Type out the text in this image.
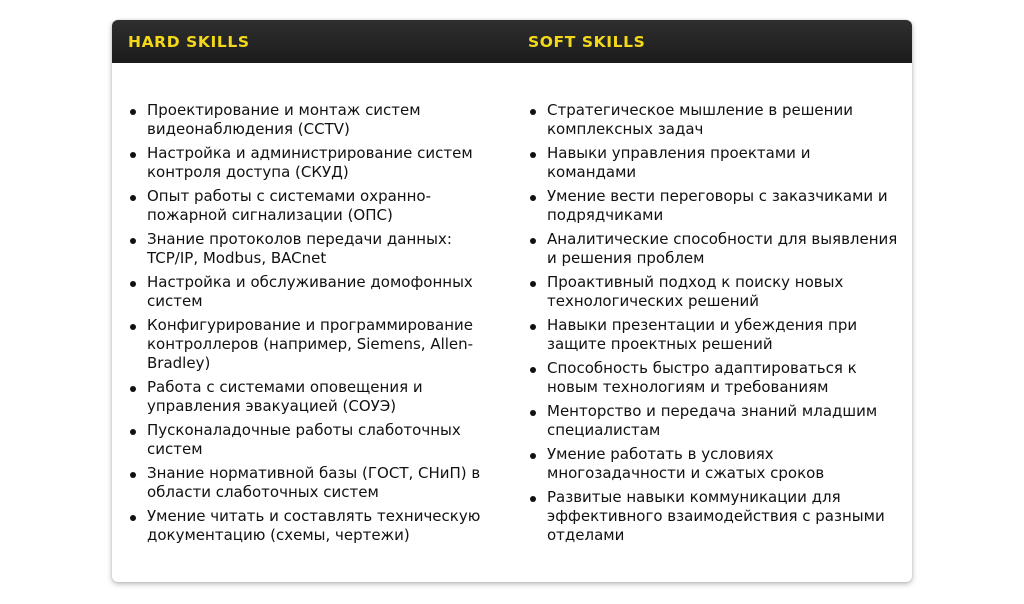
HARD SKILLS	SOFT SKILLS
Проектирование и монтаж систем видеонаблюдения (CCTV)
Настройка и администрирование систем контроля доступа (СКУД)
Опыт работы с системами охранно-пожарной сигнализации (ОПС)
Знание протоколов передачи данных: TCP/IP, Modbus, BACnet
Настройка и обслуживание домофонных систем
Конфигурирование и программирование контроллеров (например, Siemens, Allen-Bradley)
Работа с системами оповещения и управления эвакуацией (СОУЭ)
Пусконаладочные работы слаботочных систем
Знание нормативной базы (ГОСТ, СНиП) в области слаботочных систем
Умение читать и составлять техническую документацию (схемы, чертежи)
Стратегическое мышление в решении комплексных задач
Навыки управления проектами и командами
Умение вести переговоры с заказчиками и подрядчиками
Аналитические способности для выявления и решения проблем
Проактивный подход к поиску новых технологических решений
Навыки презентации и убеждения при защите проектных решений
Способность быстро адаптироваться к новым технологиям и требованиям
Менторство и передача знаний младшим специалистам
Умение работать в условиях многозадачности и сжатых сроков
Развитые навыки коммуникации для эффективного взаимодействия с разными отделами
